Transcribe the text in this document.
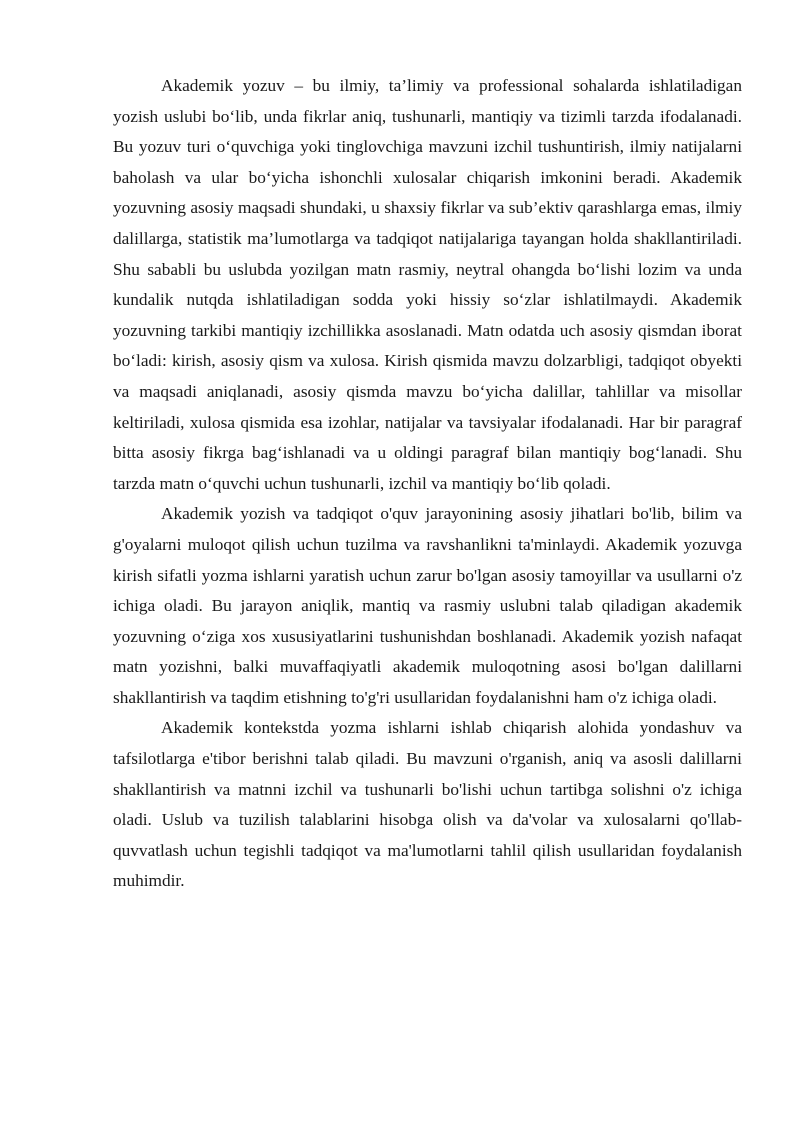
Akademik yozuv – bu ilmiy, ta’limiy va professional sohalarda ishlatiladigan yozish uslubi bo‘lib, unda fikrlar aniq, tushunarli, mantiqiy va tizimli tarzda ifodalanadi. Bu yozuv turi o‘quvchiga yoki tinglovchiga mavzuni izchil tushuntirish, ilmiy natijalarni baholash va ular bo‘yicha ishonchli xulosalar chiqarish imkonini beradi. Akademik yozuvning asosiy maqsadi shundaki, u shaxsiy fikrlar va sub’ektiv qarashlarga emas, ilmiy dalillarga, statistik ma’lumotlarga va tadqiqot natijalariga tayangan holda shakllantiriladi. Shu sababli bu uslubda yozilgan matn rasmiy, neytral ohangda bo‘lishi lozim va unda kundalik nutqda ishlatiladigan sodda yoki hissiy so‘zlar ishlatilmaydi. Akademik yozuvning tarkibi mantiqiy izchillikka asoslanadi. Matn odatda uch asosiy qismdan iborat bo‘ladi: kirish, asosiy qism va xulosa. Kirish qismida mavzu dolzarbligi, tadqiqot obyekti va maqsadi aniqlanadi, asosiy qismda mavzu bo‘yicha dalillar, tahlillar va misollar keltiriladi, xulosa qismida esa izohlar, natijalar va tavsiyalar ifodalanadi. Har bir paragraf bitta asosiy fikrga bag‘ishlanadi va u oldingi paragraf bilan mantiqiy bog‘lanadi. Shu tarzda matn o‘quvchi uchun tushunarli, izchil va mantiqiy bo‘lib qoladi.

Akademik yozish va tadqiqot o'quv jarayonining asosiy jihatlari bo'lib, bilim va g'oyalarni muloqot qilish uchun tuzilma va ravshanlikni ta'minlaydi. Akademik yozuvga kirish sifatli yozma ishlarni yaratish uchun zarur bo'lgan asosiy tamoyillar va usullarni o'z ichiga oladi. Bu jarayon aniqlik, mantiq va rasmiy uslubni talab qiladigan akademik yozuvning o‘ziga xos xususiyatlarini tushunishdan boshlanadi. Akademik yozish nafaqat matn yozishni, balki muvaffaqiyatli akademik muloqotning asosi bo'lgan dalillarni shakllantirish va taqdim etishning to'g'ri usullaridan foydalanishni ham o'z ichiga oladi.

Akademik kontekstda yozma ishlarni ishlab chiqarish alohida yondashuv va tafsilotlarga e'tibor berishni talab qiladi. Bu mavzuni o'rganish, aniq va asosli dalillarni shakllantirish va matnni izchil va tushunarli bo'lishi uchun tartibga solishni o'z ichiga oladi. Uslub va tuzilish talablarini hisobga olish va da'volar va xulosalarni qo'llab-quvvatlash uchun tegishli tadqiqot va ma'lumotlarni tahlil qilish usullaridan foydalanish muhimdir.
